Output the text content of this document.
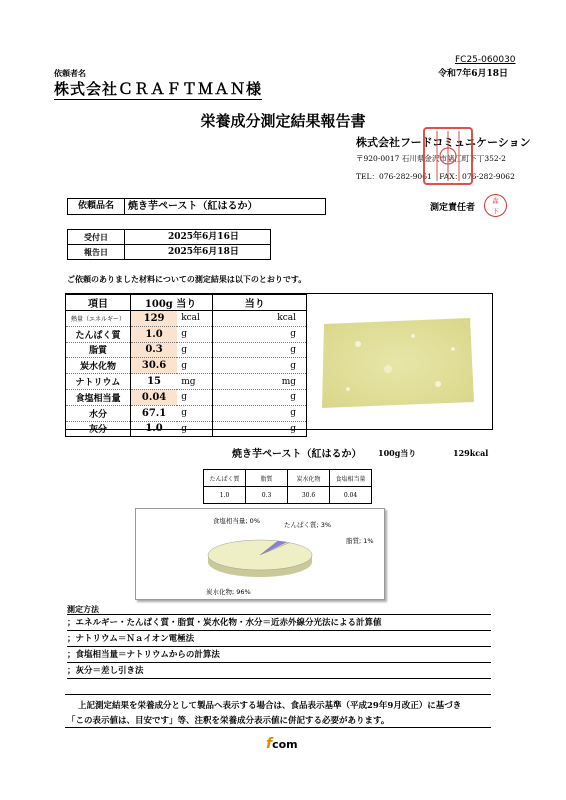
FC25-060030
令和7年6月18日
依頼者名
株式会社ＣＲＡＦＴＭＡＮ様
栄養成分測定結果報告書
株式会社フードコミュニケーション
〒920-0017 石川県金沢市諸江町下丁352-2
TEL：076-282-9061　FAX：076-282-9062
依頼品名	焼き芋ペースト（紅はるか）	測定責任者
森下
受付日	2025年6月16日
報告日	2025年6月18日
ご依頼のありました材料についての測定結果は以下のとおりです。
項目	100g 当り		当り
熱量（エネルギー）	129	kcal	kcal
たんぱく質	1.0	g	g
脂質	0.3	g	g
炭水化物	30.6	g	g
ナトリウム	15	mg	mg
食塩相当量	0.04	g	g
水分	67.1	g	g
灰分	1.0	g	g
焼き芋ペースト（紅はるか） 100g当り	129kcal
たんぱく質	脂質	炭水化物	食塩相当量
1.0	0.3	30.6	0.04
食塩相当量; 0%	たんぱく質; 3%
脂質; 1%
炭水化物; 96%
測定方法
；エネルギー・たんぱく質・脂質・炭水化物・水分＝近赤外線分光法による計算値
；ナトリウム＝Ｎａイオン電極法
；食塩相当量＝ナトリウムからの計算法
；灰分＝差し引き法
上記測定結果を栄養成分として製品へ表示する場合は、食品表示基準（平成29年9月改正）に基づき
「この表示値は、目安です」等、注釈を栄養成分表示値に併記する必要があります。
fcom
